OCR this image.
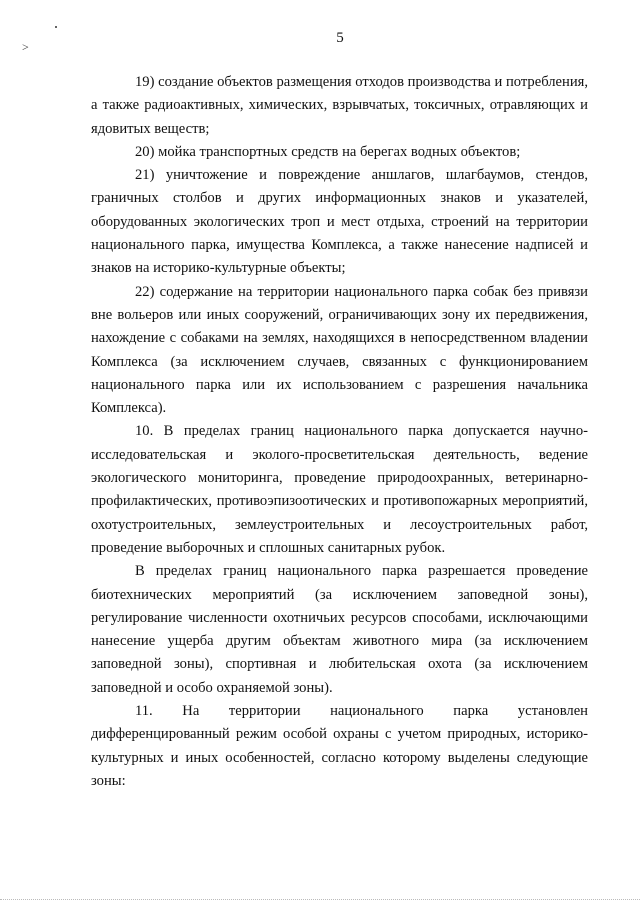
>
5

19) создание объектов размещения отходов производства и потребления, а также радиоактивных, химических, взрывчатых, токсичных, отравляющих и ядовитых веществ;

20) мойка транспортных средств на берегах водных объектов;

21) уничтожение и повреждение аншлагов, шлагбаумов, стендов, граничных столбов и других информационных знаков и указателей, оборудованных экологических троп и мест отдыха, строений на территории национального парка, имущества Комплекса, а также нанесение надписей и знаков на историко-культурные объекты;

22) содержание на территории национального парка собак без привязи вне вольеров или иных сооружений, ограничивающих зону их передвижения, нахождение с собаками на землях, находящихся в непосредственном владении Комплекса (за исключением случаев, связанных с функционированием национального парка или их использованием с разрешения начальника Комплекса).

10. В пределах границ национального парка допускается научно-исследовательская и эколого-просветительская деятельность, ведение экологического мониторинга, проведение природоохранных, ветеринарно-профилактических, противоэпизоотических и противопожарных мероприятий, охотустроительных, землеустроительных и лесоустроительных работ, проведение выборочных и сплошных санитарных рубок.

В пределах границ национального парка разрешается проведение биотехнических мероприятий (за исключением заповедной зоны), регулирование численности охотничьих ресурсов способами, исключающими нанесение ущерба другим объектам животного мира (за исключением заповедной зоны), спортивная и любительская охота (за исключением заповедной и особо охраняемой зоны).

11. На территории национального парка установлен дифференцированный режим особой охраны с учетом природных, историко-культурных и иных особенностей, согласно которому выделены следующие зоны:
